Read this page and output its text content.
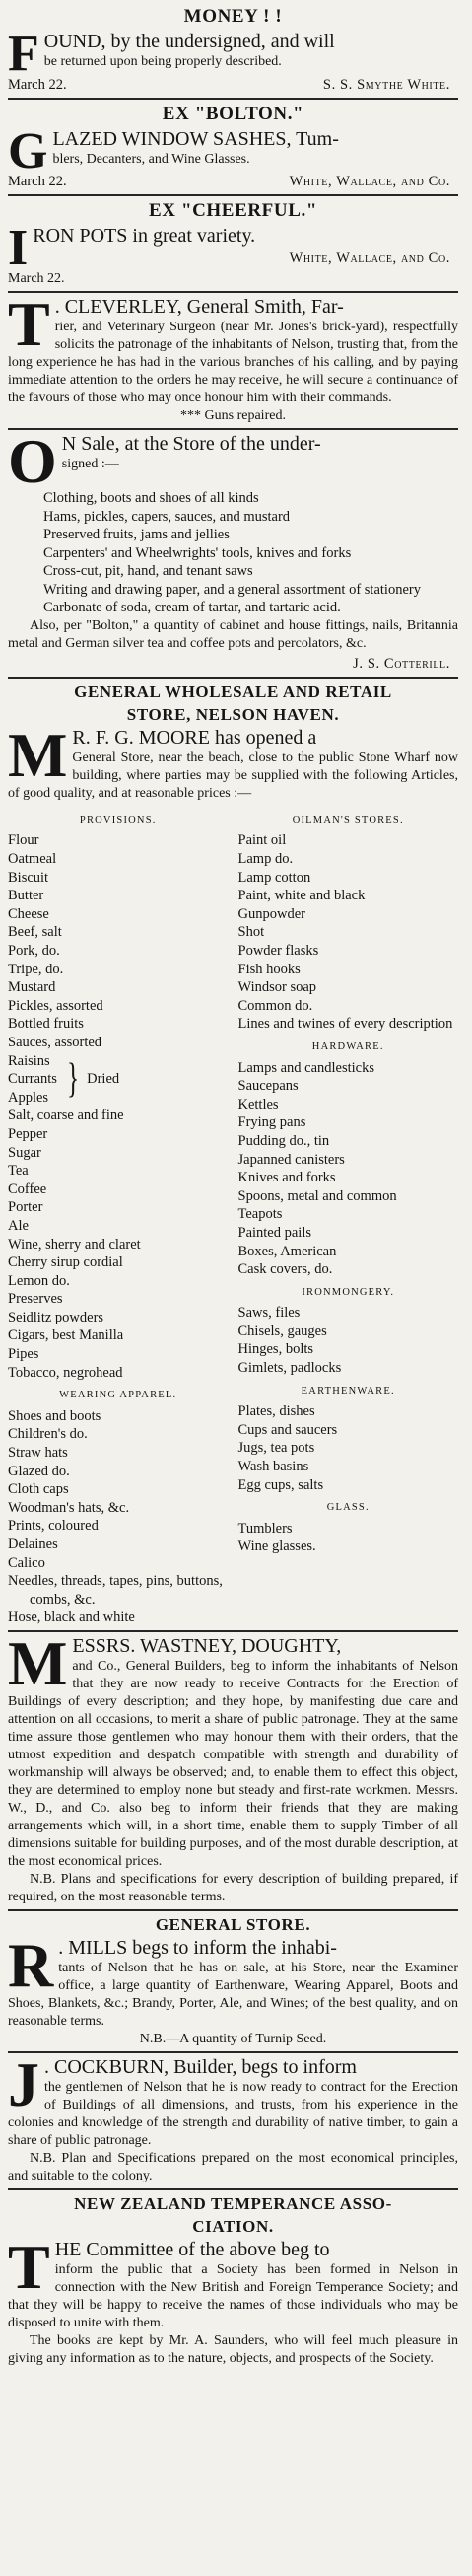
MONEY ! !
F OUND, by the undersigned, and will
be returned upon being properly described.
March 22.	S. S. Smythe White.
EX "BOLTON."
G LAZED WINDOW SASHES, Tum-
blers, Decanters, and Wine Glasses.
March 22.	White, Wallace, and Co.
EX "CHEERFUL."
I RON POTS in great variety.
White, Wallace, and Co.
March 22.
T . CLEVERLEY, General Smith, Far-

rier, and Veterinary Surgeon (near Mr. Jones's brick-yard), respectfully solicits the patronage of the inhabitants of Nelson, trusting that, from the long experience he has had in the various branches of his calling, and by paying immediate attention to the orders he may receive, he will secure a continuance of the favours of those who may once honour him with their commands.

*** Guns repaired.
O N Sale, at the Store of the under-
signed :—
Clothing, boots and shoes of all kinds
Hams, pickles, capers, sauces, and mustard
Preserved fruits, jams and jellies
Carpenters' and Wheelwrights' tools, knives and forks
Cross-cut, pit, hand, and tenant saws
Writing and drawing paper, and a general assortment of stationery
Carbonate of soda, cream of tartar, and tartaric acid.

Also, per "Bolton," a quantity of cabinet and house fittings, nails, Britannia metal and German silver tea and coffee pots and percolators, &c.

J. S. Cotterill.
GENERAL WHOLESALE AND RETAIL
STORE, NELSON HAVEN.
M R. F. G. MOORE has opened a

General Store, near the beach, close to the public Stone Wharf now building, where parties may be supplied with the following Articles, of good quality, and at reasonable prices :—

PROVISIONS.
Flour
Oatmeal
Biscuit
Butter
Cheese
Beef, salt
Pork, do.
Tripe, do.
Mustard
Pickles, assorted
Bottled fruits
Sauces, assorted
Raisins
Currants
Apples } Dried
Salt, coarse and fine
Pepper
Sugar
Tea
Coffee
Porter
Ale
Wine, sherry and claret
Cherry sirup cordial
Lemon do.
Preserves
Seidlitz powders
Cigars, best Manilla
Pipes
Tobacco, negrohead
WEARING APPAREL.
Shoes and boots
Children's do.
Straw hats
Glazed do.
Cloth caps
Woodman's hats, &c.
Prints, coloured
Delaines
Calico
Needles, threads, tapes, pins, buttons, combs, &c.
Hose, black and white
OILMAN'S STORES.
Paint oil
Lamp do.
Lamp cotton
Paint, white and black
Gunpowder
Shot
Powder flasks
Fish hooks
Windsor soap
Common do.
Lines and twines of every description
HARDWARE.
Lamps and candlesticks
Saucepans
Kettles
Frying pans
Pudding do., tin
Japanned canisters
Knives and forks
Spoons, metal and common
Teapots
Painted pails
Boxes, American
Cask covers, do.
IRONMONGERY.
Saws, files
Chisels, gauges
Hinges, bolts
Gimlets, padlocks
EARTHENWARE.
Plates, dishes
Cups and saucers
Jugs, tea pots
Wash basins
Egg cups, salts
GLASS.
Tumblers
Wine glasses.
M ESSRS. WASTNEY, DOUGHTY,

and Co., General Builders, beg to inform the inhabitants of Nelson that they are now ready to receive Contracts for the Erection of Buildings of every description; and they hope, by manifesting due care and attention on all occasions, to merit a share of public patronage. They at the same time assure those gentlemen who may honour them with their orders, that the utmost expedition and despatch compatible with strength and durability of workmanship will always be observed; and, to enable them to effect this object, they are determined to employ none but steady and first-rate workmen. Messrs. W., D., and Co. also beg to inform their friends that they are making arrangements which will, in a short time, enable them to supply Timber of all dimensions suitable for building purposes, and of the most durable description, at the most economical prices.

N.B. Plans and specifications for every description of building prepared, if required, on the most reasonable terms.

GENERAL STORE.
R . MILLS begs to inform the inhabi-

tants of Nelson that he has on sale, at his Store, near the Examiner office, a large quantity of Earthenware, Wearing Apparel, Boots and Shoes, Blankets, &c.; Brandy, Porter, Ale, and Wines; of the best quality, and on reasonable terms.

N.B.—A quantity of Turnip Seed.
J . COCKBURN, Builder, begs to inform

the gentlemen of Nelson that he is now ready to contract for the Erection of Buildings of all dimensions, and trusts, from his experience in the colonies and knowledge of the strength and durability of native timber, to gain a share of public patronage.

N.B. Plan and Specifications prepared on the most economical principles, and suitable to the colony.

NEW ZEALAND TEMPERANCE ASSO-
CIATION.
T HE Committee of the above beg to

inform the public that a Society has been formed in Nelson in connection with the New British and Foreign Temperance Society; and that they will be happy to receive the names of those individuals who may be disposed to unite with them.

The books are kept by Mr. A. Saunders, who will feel much pleasure in giving any information as to the nature, objects, and prospects of the Society.
